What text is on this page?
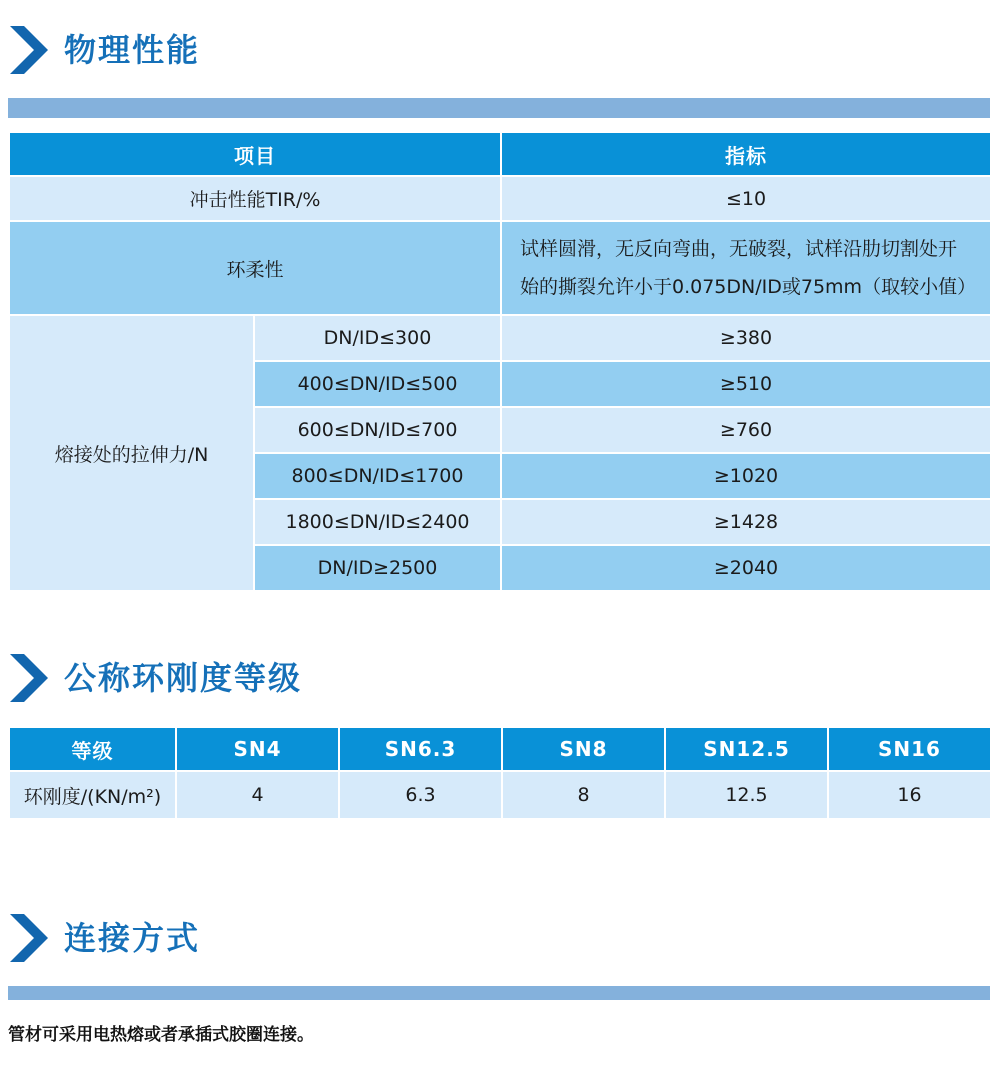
物理性能
项目		指标
冲击性能TIR/%		≤10
环柔性		试样圆滑，无反向弯曲，无破裂，试样沿肋切割处开始的撕裂允许小于0.075DN/ID或75mm（取较小值）
熔接处的拉伸力/N	DN/ID≤300	≥380
	400≤DN/ID≤500	≥510
	600≤DN/ID≤700	≥760
	800≤DN/ID≤1700	≥1020
	1800≤DN/ID≤2400	≥1428
	DN/ID≥2500	≥2040
公称环刚度等级
等级	SN4	SN6.3	SN8	SN12.5	SN16
环刚度/(KN/m²)	4	6.3	8	12.5	16
连接方式

管材可采用电热熔或者承插式胶圈连接。
